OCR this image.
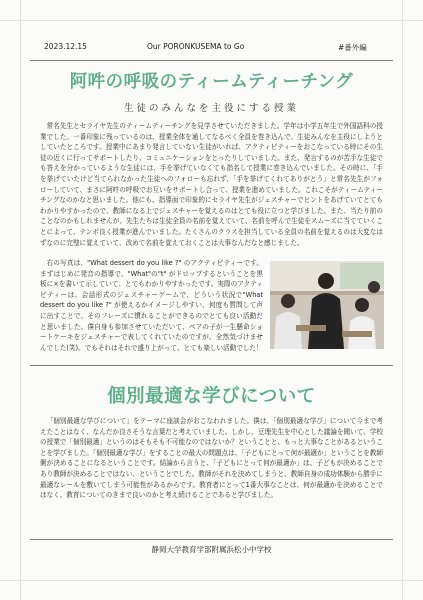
2023.12.15	Our PORONKUSEMA to Go	#番外編
阿吽の呼吸のティームティーチング
生徒のみんなを主役にする授業

常名先生とセライヤ先生のティームティーチングを見学させていただきました。学年は小学五年生で外国語科の授業でした。一番印象に残っているのは、授業全体を通してなるべく全員を巻き込んで、生徒みんなを主役にしようとしていたところです。授業中にあまり発言していない生徒がいれば、アクティビティーをおこなっている時にその生徒の近くに行ってサポートしたり、コミュニケーションをとったりしていました。また、発言するのが苦手な生徒でも答えを分かっているような生徒には、手を挙げていなくても指名して授業に巻き込んでいました。その時に、「手を挙げていたけど当てられなかった生徒へのフォローも忘れず、「手を挙げてくれてありがとう」と常名先生がフォローしていて、まさに阿吽の呼吸でお互いをサポートし合って、授業を進めていました。これこそがティームティーチングなのかなと思いました。他にも、指導面で印象的にセライヤ先生がジェスチャーでヒントをあげていてとてもわかりやすかったので、教師になる上でジェスチャーを覚えるのはとても役に立つと学びました。また、当たり前のことなのかもしれませんが、先生たちは生徒全員の名前を覚えていて、名前を呼んで生徒をスムーズに当てていくことによって、テンポ良く授業が進んでいました。たくさんのクラスを担当している全員の名前を覚えるのは大変なはずなのに完璧に覚えていて、改めて名前を覚えておくことは大事なんだなと感じました。

右の写真は、"What dessert do you like ?" のアクティビティーです。まずはじめに発音の指導で、"What"の"t" がドロップするということを黒板に×を書いて示していて、とてもわかりやすかったです。実際のアクティビティーは、会話形式のジェスチャーゲームで、どういう状況で"What dessert do you like ?" が使えるかイメージしやすい、何度も質問して声に出すことで、そのフレーズに慣れることができるのでとても良い活動だと思いました。僕自身も参加させていただいて、ペアの子が一生懸命ショートケーキをジェスチャーで表してくれていたのですが、全然気づけませんでした(笑)。でもそれはそれで盛り上がって、とても楽しい活動でした！

個別最適な学びについて

「個別最適な学びについて」をテーマに座談会がおこなわれました。僕は、「個別最適な学び」について今まで考えたことはなく、なんだか良さそうな言葉だと考えていました。しかし、豆理先生を中心とした議論を聞いて、学校の授業で「個別最適」というのはそもそも不可能なのではないか？ということと、もっと大事なことがあるということを学びました。「個別最適な学び」をすることの最大の問題点は、「子どもにとって何が最適か」ということを教師側が決めることになるということです。結論から言うと、「子どもにとって何が最適か」は、子どもが決めることであり教師が決めることではない、ということでした。教師がそれを決めてしまうと、教師自身の成功体験から勝手に最適なレールを敷いてしまう可能性があるからです。教育者にとって1番大事なことは、何が最適かを決めることではなく、教育についてのきまで良いのかと考え続けることであると学びました。

静岡大学教育学部附属浜松小中学校
